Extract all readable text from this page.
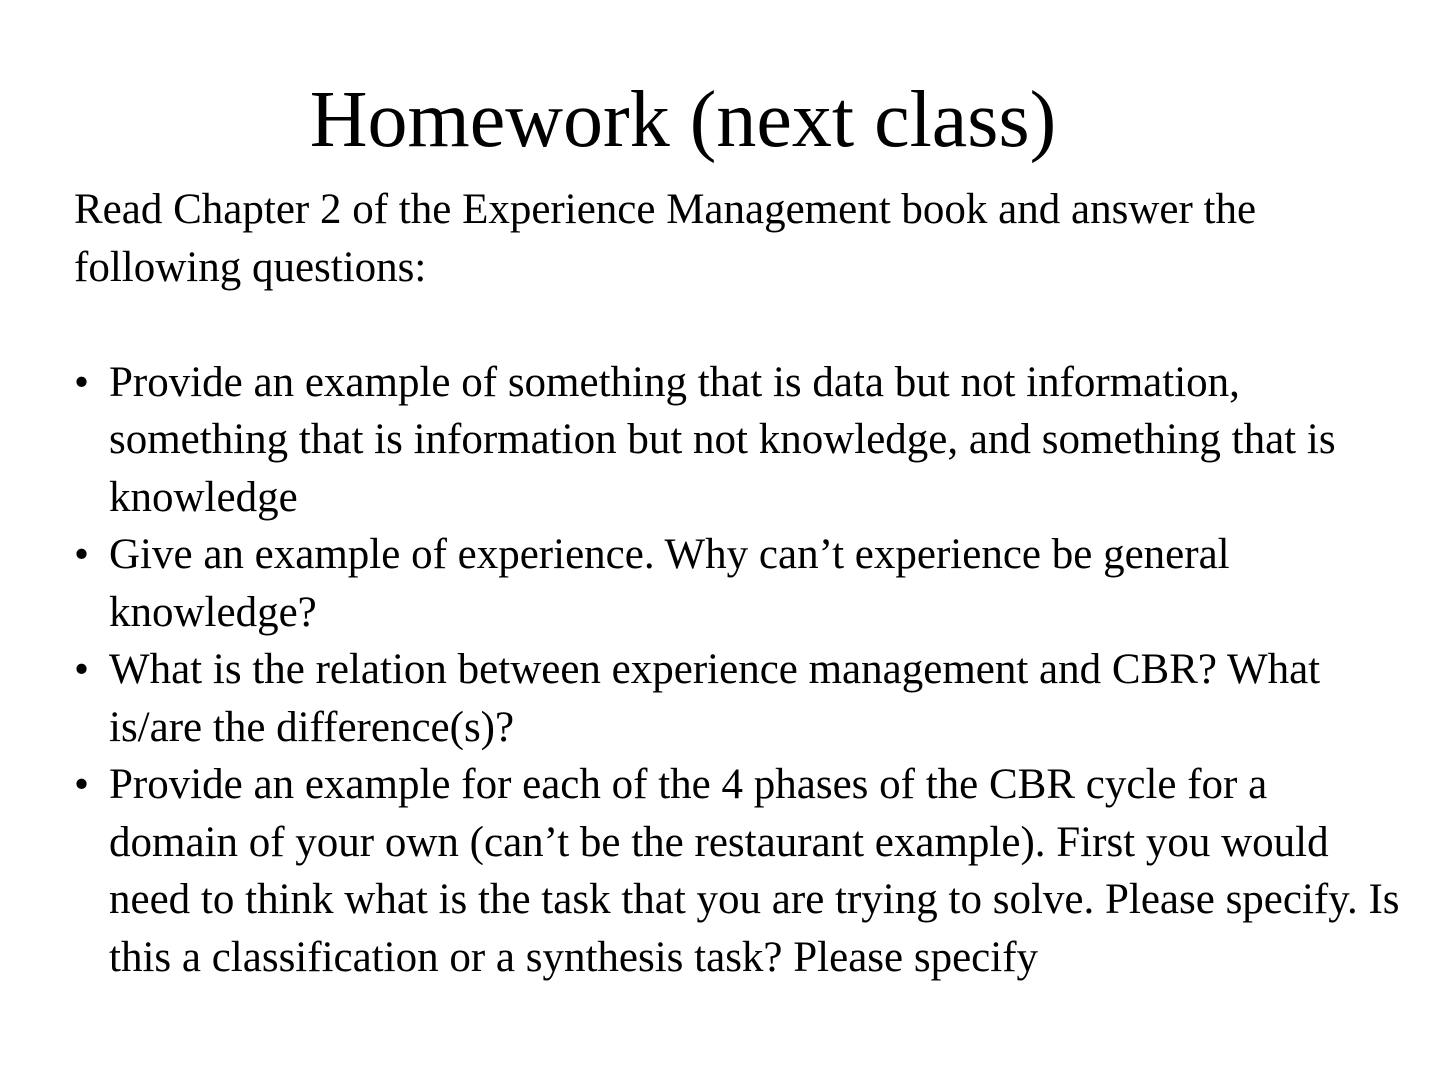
Homework (next class)

Read Chapter 2 of the Experience Management book and answer the following questions:

• Provide an example of something that is data but not information, something that is information but not knowledge, and something that is knowledge
• Give an example of experience. Why can’t experience be general knowledge?
• What is the relation between experience management and CBR? What is/are the difference(s)?
• Provide an example for each of the 4 phases of the CBR cycle for a domain of your own (can’t be the restaurant example). First you would need to think what is the task that you are trying to solve. Please specify. Is this a classification or a synthesis task? Please specify
